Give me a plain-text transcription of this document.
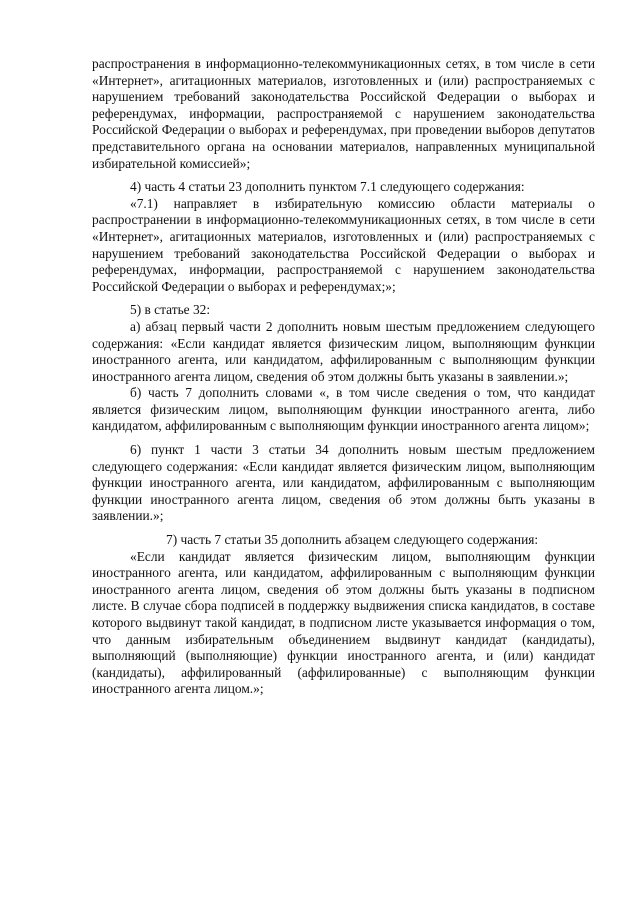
распространения в информационно-телекоммуникационных сетях, в том числе в сети «Интернет», агитационных материалов, изготовленных и (или) распространяемых с нарушением требований законодательства Российской Федерации о выборах и референдумах, информации, распространяемой с нарушением законодательства Российской Федерации о выборах и референдумах, при проведении выборов депутатов представительного органа на основании материалов, направленных муниципальной избирательной комиссией»;

4) часть 4 статьи 23 дополнить пунктом 7.1 следующего содержания:

«7.1) направляет в избирательную комиссию области материалы о распространении в информационно-телекоммуникационных сетях, в том числе в сети «Интернет», агитационных материалов, изготовленных и (или) распространяемых с нарушением требований законодательства Российской Федерации о выборах и референдумах, информации, распространяемой с нарушением законодательства Российской Федерации о выборах и референдумах;»;

5) в статье 32:

а) абзац первый части 2 дополнить новым шестым предложением следующего содержания: «Если кандидат является физическим лицом, выполняющим функции иностранного агента, или кандидатом, аффилированным с выполняющим функции иностранного агента лицом, сведения об этом должны быть указаны в заявлении.»;

б) часть 7 дополнить словами «, в том числе сведения о том, что кандидат является физическим лицом, выполняющим функции иностранного агента, либо кандидатом, аффилированным с выполняющим функции иностранного агента лицом»;

6) пункт 1 части 3 статьи 34 дополнить новым шестым предложением следующего содержания: «Если кандидат является физическим лицом, выполняющим функции иностранного агента, или кандидатом, аффилированным с выполняющим функции иностранного агента лицом, сведения об этом должны быть указаны в заявлении.»;

7) часть 7 статьи 35 дополнить абзацем следующего содержания:

«Если кандидат является физическим лицом, выполняющим функции иностранного агента, или кандидатом, аффилированным с выполняющим функции иностранного агента лицом, сведения об этом должны быть указаны в подписном листе. В случае сбора подписей в поддержку выдвижения списка кандидатов, в составе которого выдвинут такой кандидат, в подписном листе указывается информация о том, что данным избирательным объединением выдвинут кандидат (кандидаты), выполняющий (выполняющие) функции иностранного агента, и (или) кандидат (кандидаты), аффилированный (аффилированные) с выполняющим функции иностранного агента лицом.»;
